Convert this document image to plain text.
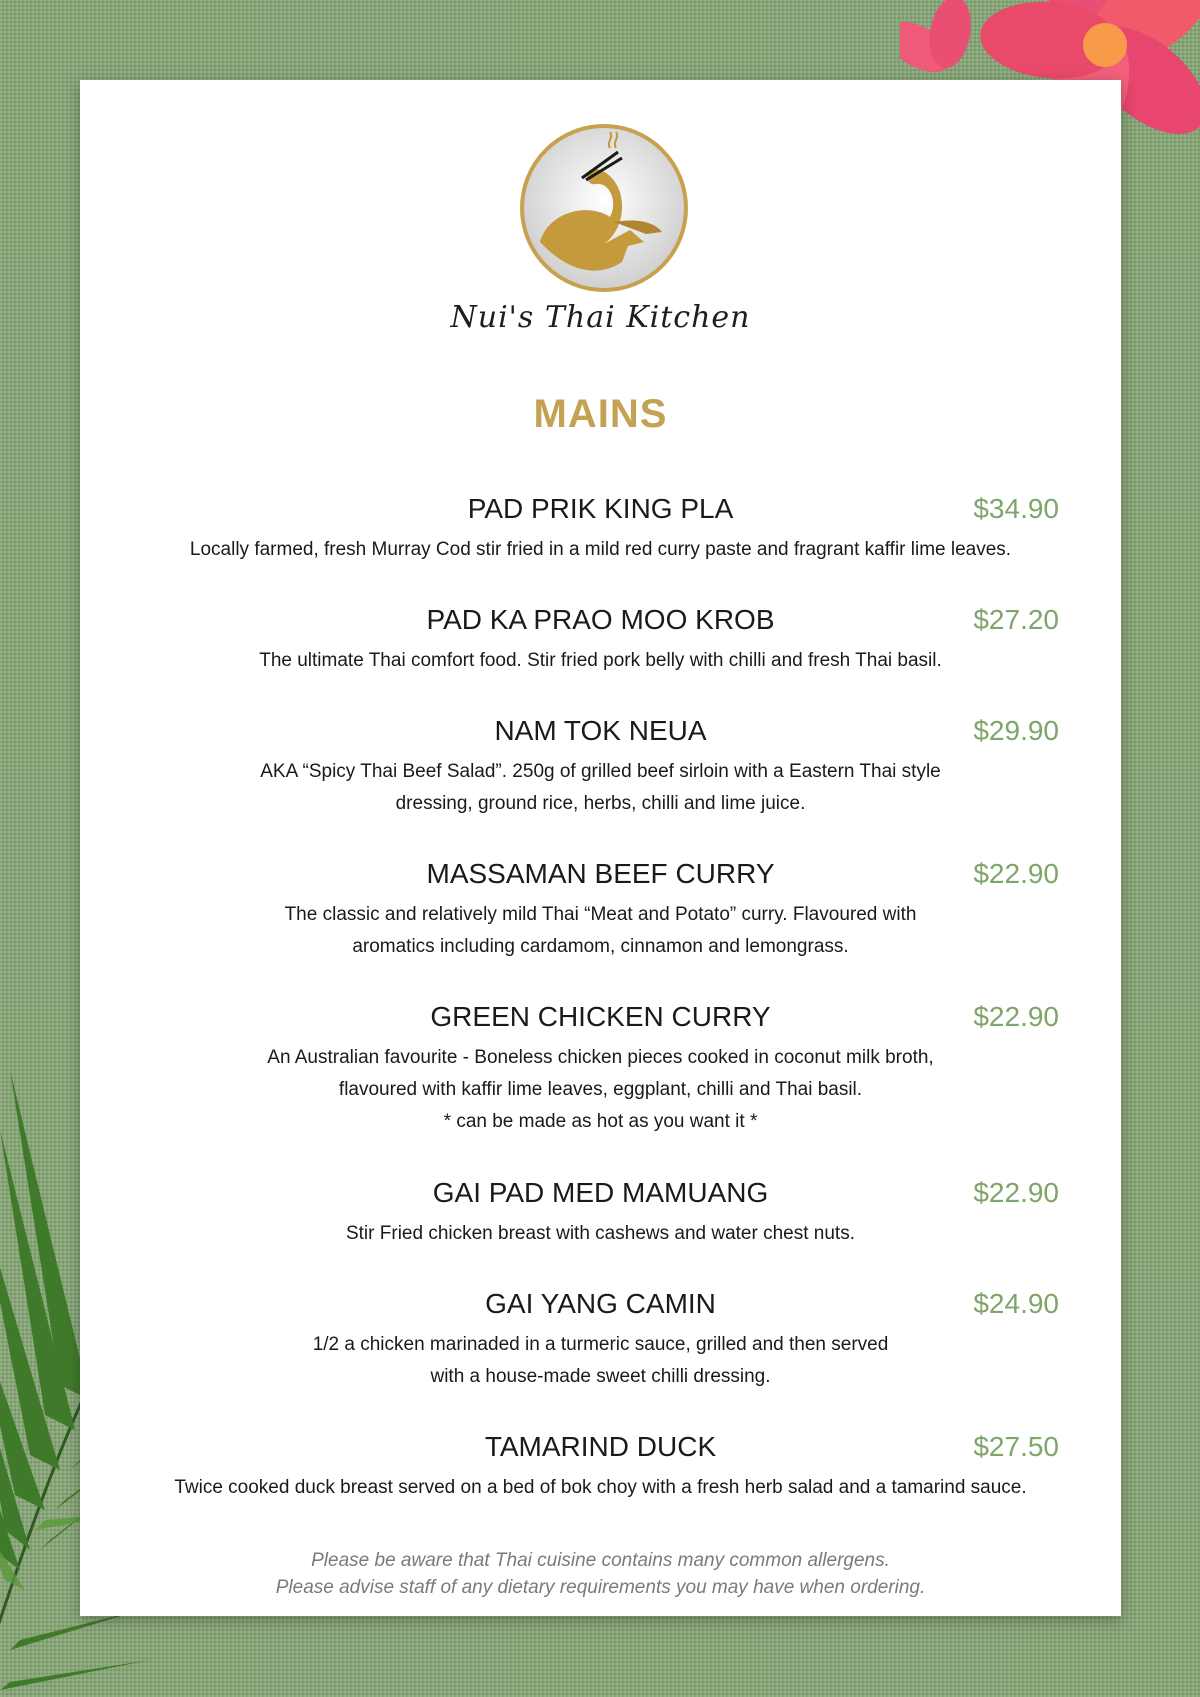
Nui's Thai Kitchen
MAINS
PAD PRIK KING PLA	$34.90
Locally farmed, fresh Murray Cod stir fried in a mild red curry paste and fragrant kaffir lime leaves.
PAD KA PRAO MOO KROB	$27.20
The ultimate Thai comfort food. Stir fried pork belly with chilli and fresh Thai basil.
NAM TOK NEUA	$29.90
AKA “Spicy Thai Beef Salad”. 250g of grilled beef sirloin with a Eastern Thai style
dressing, ground rice, herbs, chilli and lime juice.
MASSAMAN BEEF CURRY	$22.90
The classic and relatively mild Thai “Meat and Potato” curry. Flavoured with
aromatics including cardamom, cinnamon and lemongrass.
GREEN CHICKEN CURRY	$22.90
An Australian favourite - Boneless chicken pieces cooked in coconut milk broth,
flavoured with kaffir lime leaves, eggplant, chilli and Thai basil.
* can be made as hot as you want it *
GAI PAD MED MAMUANG	$22.90
Stir Fried chicken breast with cashews and water chest nuts.
GAI YANG CAMIN	$24.90
1/2 a chicken marinaded in a turmeric sauce, grilled and then served
with a house-made sweet chilli dressing.
TAMARIND DUCK	$27.50
Twice cooked duck breast served on a bed of bok choy with a fresh herb salad and a tamarind sauce.
Please be aware that Thai cuisine contains many common allergens.
Please advise staff of any dietary requirements you may have when ordering.
